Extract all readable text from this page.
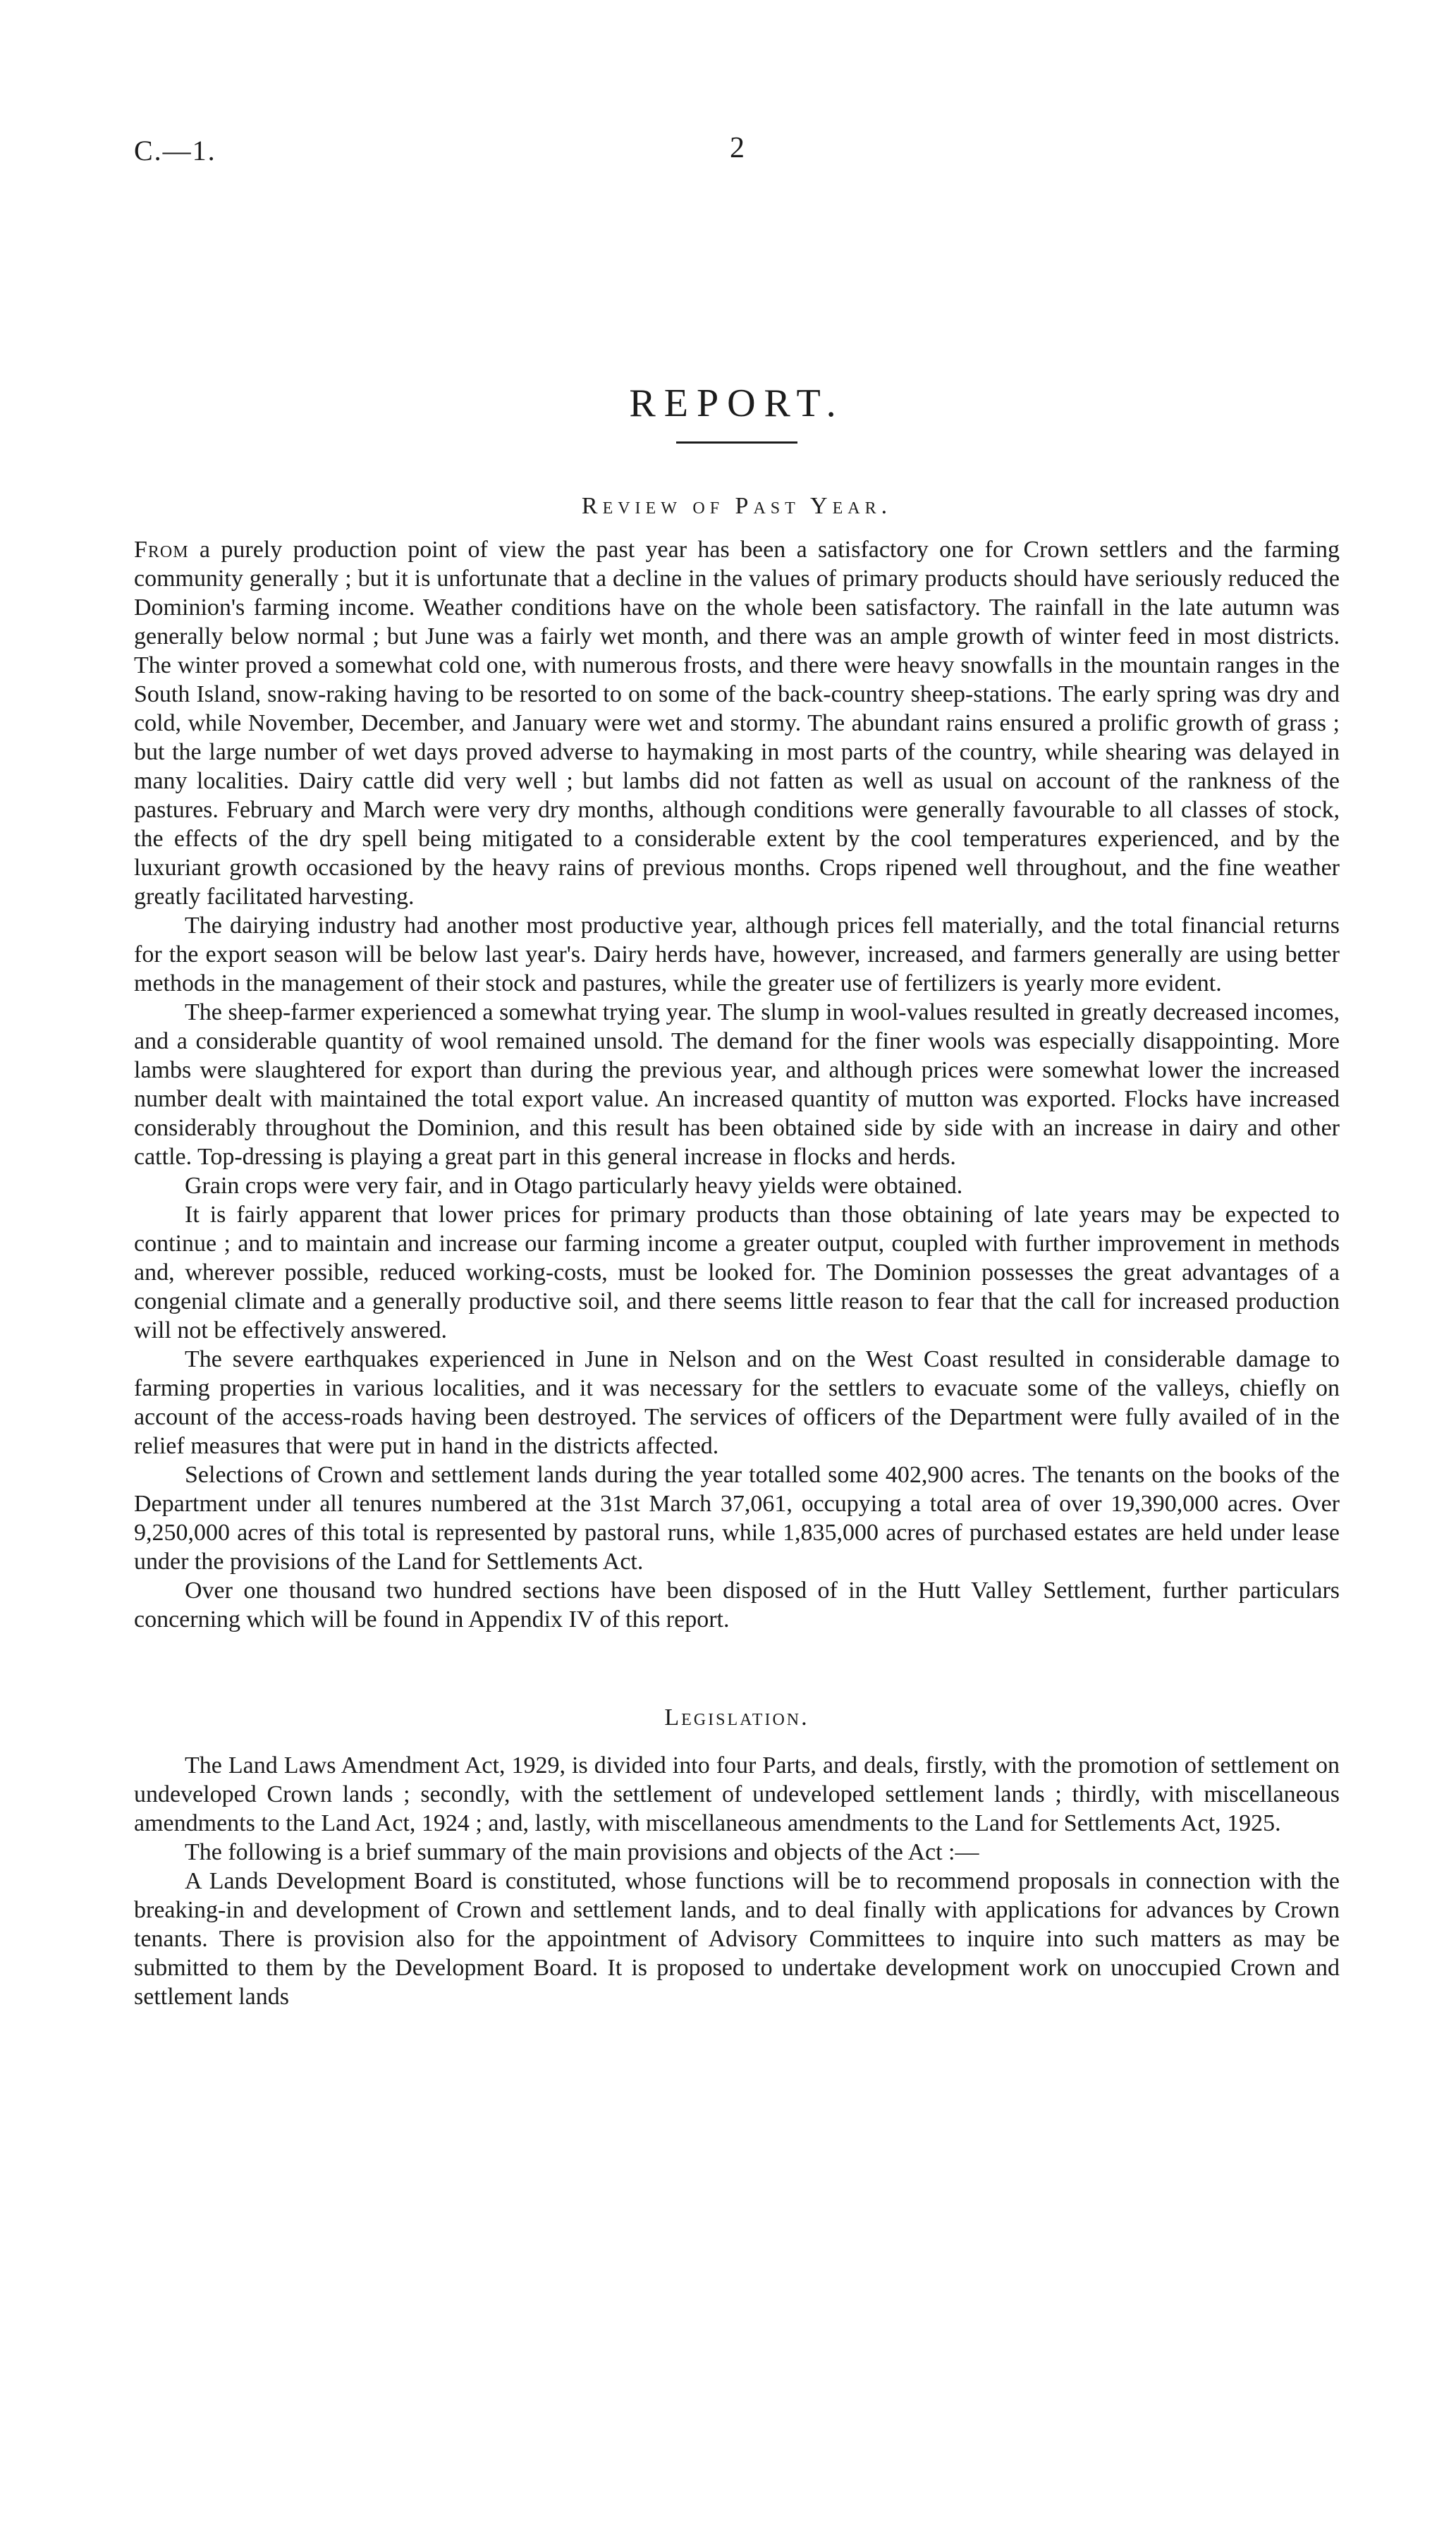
C.—1.	2
REPORT.
Review of Past Year.

From a purely production point of view the past year has been a satisfactory one for Crown settlers and the farming community generally ; but it is unfortunate that a decline in the values of primary products should have seriously reduced the Dominion's farming income. Weather conditions have on the whole been satisfactory. The rainfall in the late autumn was generally below normal ; but June was a fairly wet month, and there was an ample growth of winter feed in most districts. The winter proved a somewhat cold one, with numerous frosts, and there were heavy snowfalls in the mountain ranges in the South Island, snow-raking having to be resorted to on some of the back-country sheep-stations. The early spring was dry and cold, while November, December, and January were wet and stormy. The abundant rains ensured a prolific growth of grass ; but the large number of wet days proved adverse to haymaking in most parts of the country, while shearing was delayed in many localities. Dairy cattle did very well ; but lambs did not fatten as well as usual on account of the rankness of the pastures. February and March were very dry months, although conditions were generally favourable to all classes of stock, the effects of the dry spell being mitigated to a considerable extent by the cool temperatures experienced, and by the luxuriant growth occasioned by the heavy rains of previous months. Crops ripened well throughout, and the fine weather greatly facilitated harvesting.

The dairying industry had another most productive year, although prices fell materially, and the total financial returns for the export season will be below last year's. Dairy herds have, however, increased, and farmers generally are using better methods in the management of their stock and pastures, while the greater use of fertilizers is yearly more evident.

The sheep-farmer experienced a somewhat trying year. The slump in wool-values resulted in greatly decreased incomes, and a considerable quantity of wool remained unsold. The demand for the finer wools was especially disappointing. More lambs were slaughtered for export than during the previous year, and although prices were somewhat lower the increased number dealt with maintained the total export value. An increased quantity of mutton was exported. Flocks have increased considerably throughout the Dominion, and this result has been obtained side by side with an increase in dairy and other cattle. Top-dressing is playing a great part in this general increase in flocks and herds.

Grain crops were very fair, and in Otago particularly heavy yields were obtained.

It is fairly apparent that lower prices for primary products than those obtaining of late years may be expected to continue ; and to maintain and increase our farming income a greater output, coupled with further improvement in methods and, wherever possible, reduced working-costs, must be looked for. The Dominion possesses the great advantages of a congenial climate and a generally productive soil, and there seems little reason to fear that the call for increased production will not be effectively answered.

The severe earthquakes experienced in June in Nelson and on the West Coast resulted in considerable damage to farming properties in various localities, and it was necessary for the settlers to evacuate some of the valleys, chiefly on account of the access-roads having been destroyed. The services of officers of the Department were fully availed of in the relief measures that were put in hand in the districts affected.

Selections of Crown and settlement lands during the year totalled some 402,900 acres. The tenants on the books of the Department under all tenures numbered at the 31st March 37,061, occupying a total area of over 19,390,000 acres. Over 9,250,000 acres of this total is represented by pastoral runs, while 1,835,000 acres of purchased estates are held under lease under the provisions of the Land for Settlements Act.

Over one thousand two hundred sections have been disposed of in the Hutt Valley Settlement, further particulars concerning which will be found in Appendix IV of this report.

Legislation.

The Land Laws Amendment Act, 1929, is divided into four Parts, and deals, firstly, with the promotion of settlement on undeveloped Crown lands ; secondly, with the settlement of undeveloped settlement lands ; thirdly, with miscellaneous amendments to the Land Act, 1924 ; and, lastly, with miscellaneous amendments to the Land for Settlements Act, 1925.

The following is a brief summary of the main provisions and objects of the Act :—

A Lands Development Board is constituted, whose functions will be to recommend proposals in connection with the breaking-in and development of Crown and settlement lands, and to deal finally with applications for advances by Crown tenants. There is provision also for the appointment of Advisory Committees to inquire into such matters as may be submitted to them by the Development Board. It is proposed to undertake development work on unoccupied Crown and settlement lands
